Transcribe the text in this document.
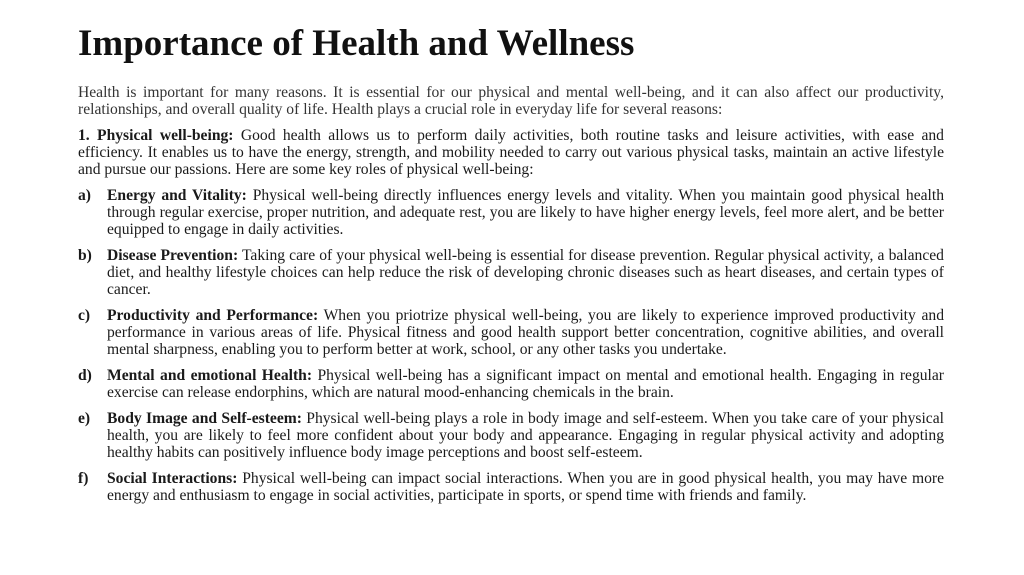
Importance of Health and Wellness

Health is important for many reasons. It is essential for our physical and mental well-being, and it can also affect our productivity, relationships, and overall quality of life. Health plays a crucial role in everyday life for several reasons:

1. Physical well-being: Good health allows us to perform daily activities, both routine tasks and leisure activities, with ease and efficiency. It enables us to have the energy, strength, and mobility needed to carry out various physical tasks, maintain an active lifestyle and pursue our passions. Here are some key roles of physical well-being:

a)	Energy and Vitality: Physical well-being directly influences energy levels and vitality. When you maintain good physical health through regular exercise, proper nutrition, and adequate rest, you are likely to have higher energy levels, feel more alert, and be better equipped to engage in daily activities.
b) Disease Prevention: Taking care of your physical well-being is essential for disease prevention. Regular physical activity, a balanced diet, and healthy lifestyle choices can help reduce the risk of developing chronic diseases such as heart diseases, and certain types of cancer.
c)	Productivity and Performance: When you priotrize physical well-being, you are likely to experience improved productivity and performance in various areas of life. Physical fitness and good health support better concentration, cognitive abilities, and overall mental sharpness, enabling you to perform better at work, school, or any other tasks you undertake.
d) Mental and emotional Health: Physical well-being has a significant impact on mental and emotional health. Engaging in regular exercise can release endorphins, which are natural mood-enhancing chemicals in the brain.
e)	Body Image and Self-esteem: Physical well-being plays a role in body image and self-esteem. When you take care of your physical health, you are likely to feel more confident about your body and appearance. Engaging in regular physical activity and adopting healthy habits can positively influence body image perceptions and boost self-esteem.
f)	Social Interactions: Physical well-being can impact social interactions. When you are in good physical health, you may have more energy and enthusiasm to engage in social activities, participate in sports, or spend time with friends and family.
